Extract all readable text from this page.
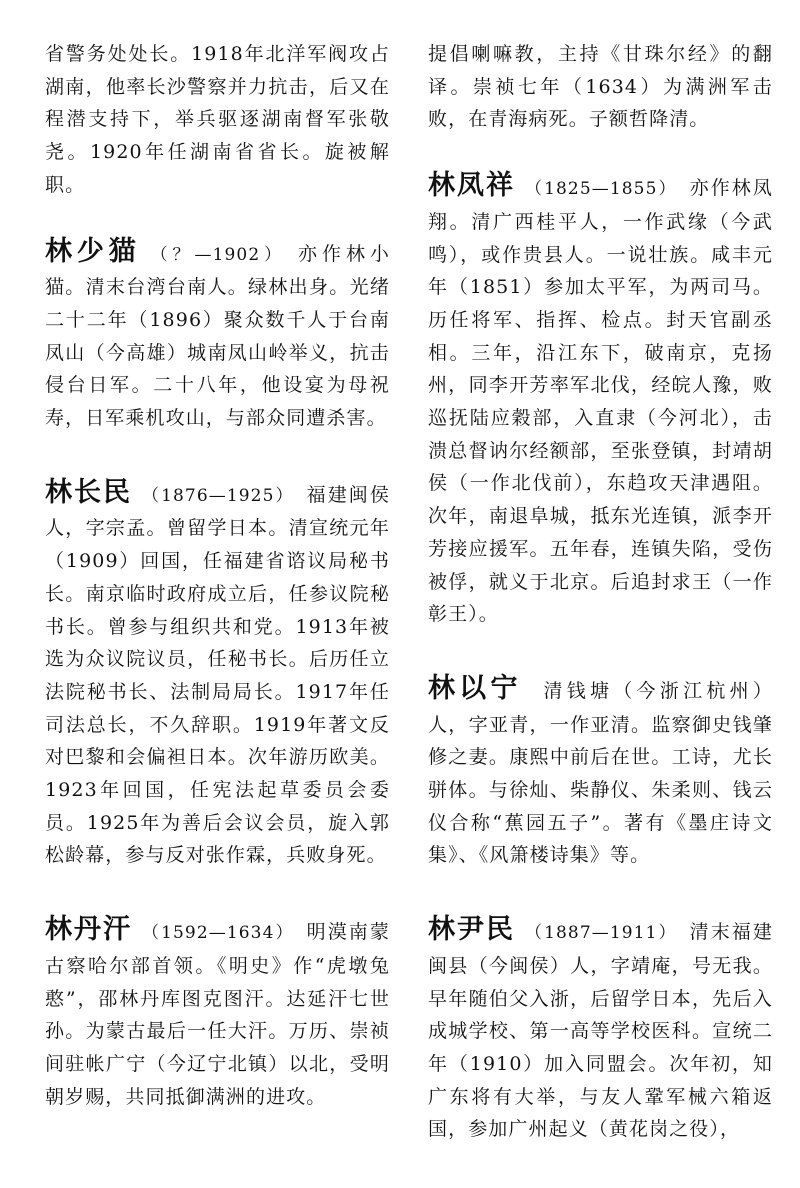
省警务处处长。1918年北洋军阀攻占湖南，他率长沙警察并力抗击，后又在程潜支持下，举兵驱逐湖南督军张敬尧。1920年任湖南省省长。旋被解职。
林少猫 （？—1902） 亦作林小猫。清末台湾台南人。绿林出身。光绪二十二年（1896）聚众数千人于台南凤山（今高雄）城南凤山岭举义，抗击侵台日军。二十八年，他设宴为母祝寿，日军乘机攻山，与部众同遭杀害。
林长民 （1876—1925） 福建闽侯人，字宗孟。曾留学日本。清宣统元年（1909）回国，任福建省谘议局秘书长。南京临时政府成立后，任参议院秘书长。曾参与组织共和党。1913年被选为众议院议员，任秘书长。后历任立法院秘书长、法制局局长。1917年任司法总长，不久辞职。1919年著文反对巴黎和会偏袒日本。次年游历欧美。1923年回国，任宪法起草委员会委员。1925年为善后会议会员，旋入郭松龄幕，参与反对张作霖，兵败身死。
林丹汗 （1592—1634） 明漠南蒙古察哈尔部首领。《明史》作“虎墩兔憨”，邵林丹库图克图汗。达延汗七世孙。为蒙古最后一任大汗。万历、崇祯间驻帐广宁（今辽宁北镇）以北，受明朝岁赐，共同抵御满洲的进攻。
提倡喇嘛教，主持《甘珠尔经》的翻译。崇祯七年（1634）为满洲军击败，在青海病死。子额哲降清。
林凤祥 （1825—1855） 亦作林凤翔。清广西桂平人，一作武缘（今武鸣），或作贵县人。一说壮族。咸丰元年（1851）参加太平军，为两司马。历任将军、指挥、检点。封天官副丞相。三年，沿江东下，破南京，克扬州，同李开芳率军北伐，经皖人豫，败巡抚陆应穀部，入直隶（今河北），击溃总督讷尔经额部，至张登镇，封靖胡侯（一作北伐前），东趋攻天津遇阻。次年，南退阜城，抵东光连镇，派李开芳接应援军。五年春，连镇失陷，受伤被俘，就义于北京。后追封求王（一作彰王）。
林以宁 清钱塘（今浙江杭州）人，字亚青，一作亚清。监察御史钱肇修之妻。康熙中前后在世。工诗，尤长骈体。与徐灿、柴静仪、朱柔则、钱云仪合称“蕉园五子”。著有《墨庄诗文集》、《风箫楼诗集》等。
林尹民 （1887—1911） 清末福建闽县（今闽侯）人，字靖庵，号无我。早年随伯父入浙，后留学日本，先后入成城学校、第一高等学校医科。宣统二年（1910）加入同盟会。次年初，知广东将有大举，与友人鞏军械六箱返国，参加广州起义（黄花岗之役），
